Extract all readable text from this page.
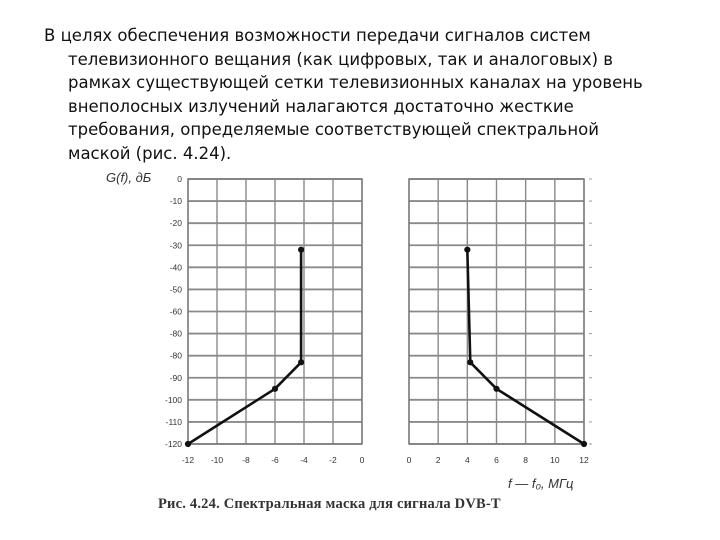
В целях обеспечения возможности передачи сигналов систем
телевизионного вещания (как цифровых, так и аналоговых) в
рамках существующей сетки телевизионных каналах на уровень
внеполосных излучений налагаются достаточно жесткие
требования, определяемые соответствующей спектральной
маской (рис. 4.24).
-12 -10 -8	-6	-4	-2	0
0
-10
-20
-30
-40
-50
-60
-80
-80
-90
-100
-110
-120
0	2	4	6	8	10 12
G(f), дБ
f — f₀, МГц
Рис. 4.24. Спектральная маска для сигнала DVB-T
